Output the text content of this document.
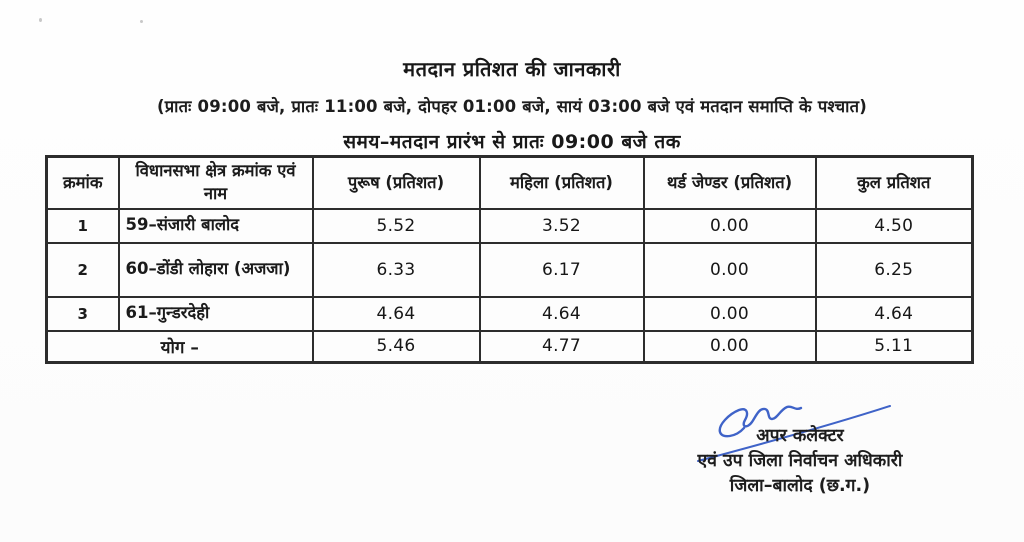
मतदान प्रतिशत की जानकारी
(प्रातः 09:00 बजे, प्रातः 11:00 बजे, दोपहर 01:00 बजे, सायं 03:00 बजे एवं मतदान समाप्ति के पश्चात)
समय–मतदान प्रारंभ से प्रातः 09:00 बजे तक
क्रमांक	विधानसभा क्षेत्र क्रमांक एवं नाम	पुरूष (प्रतिशत)	महिला (प्रतिशत)	थर्ड जेण्डर (प्रतिशत)	कुल प्रतिशत
1	59–संजारी बालोद	5.52	3.52	0.00	4.50
2	60–डोंडी लोहारा (अजजा)	6.33	6.17	0.00	6.25
3	61–गुन्डरदेही	4.64	4.64	0.00	4.64
योग –		5.46	4.77	0.00	5.11
अपर कलेक्टर
एवं उप जिला निर्वाचन अधिकारी
जिला–बालोद (छ.ग.)
